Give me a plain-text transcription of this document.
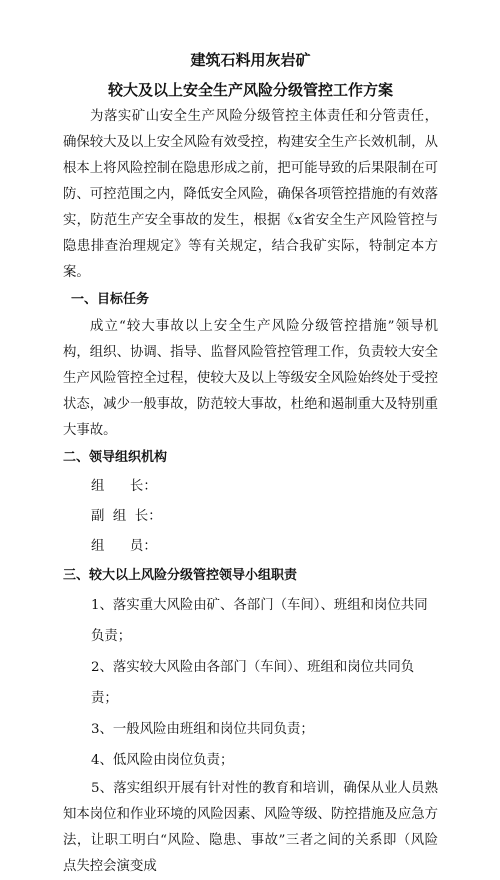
建筑石料用灰岩矿
较大及以上安全生产风险分级管控工作方案

为落实矿山安全生产风险分级管控主体责任和分管责任，确保较大及以上安全风险有效受控，构建安全生产长效机制，从根本上将风险控制在隐患形成之前，把可能导致的后果限制在可防、可控范围之内，降低安全风险，确保各项管控措施的有效落实，防范生产安全事故的发生，根据《x省安全生产风险管控与隐患排查治理规定》等有关规定，结合我矿实际，特制定本方案。

一、目标任务

成立“较大事故以上安全生产风险分级管控措施”领导机构，组织、协调、指导、监督风险管控管理工作，负责较大安全生产风险管控全过程，使较大及以上等级安全风险始终处于受控状态，减少一般事故，防范较大事故，杜绝和遏制重大及特别重大事故。

二、领导组织机构
组      长：
副  组  长：
组      员：
三、较大以上风险分级管控领导小组职责
1、落实重大风险由矿、各部门（车间）、班组和岗位共同负责；
2、落实较大风险由各部门（车间）、班组和岗位共同负责；
3、一般风险由班组和岗位共同负责；
4、低风险由岗位负责；

5、落实组织开展有针对性的教育和培训，确保从业人员熟知本岗位和作业环境的风险因素、风险等级、防控措施及应急方法，让职工明白“风险、隐患、事故”三者之间的关系即（风险点失控会演变成
